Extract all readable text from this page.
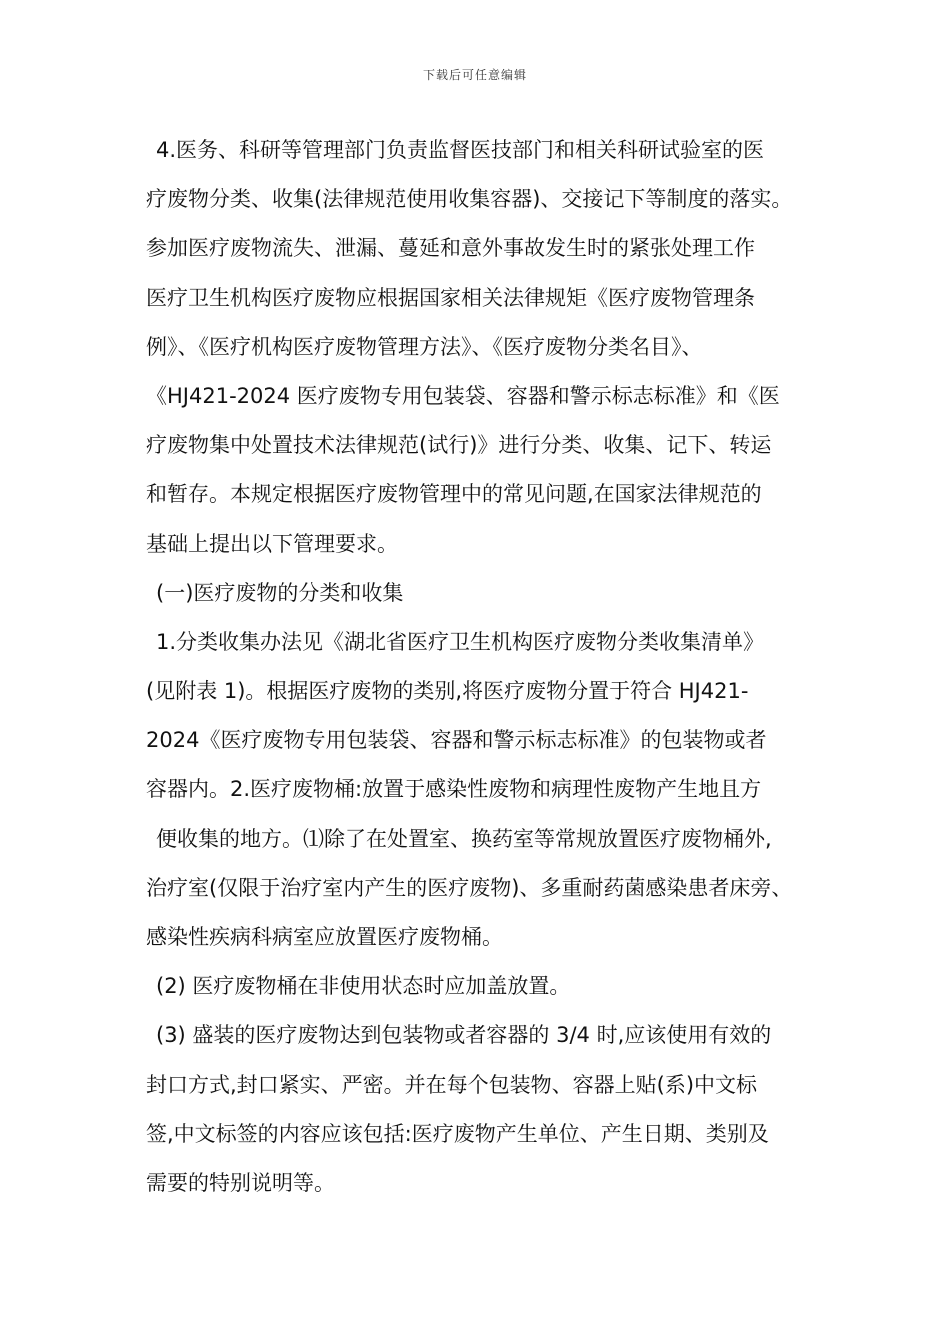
下载后可任意编辑
4.医务、科研等管理部门负责监督医技部门和相关科研试验室的医
疗废物分类、收集(法律规范使用收集容器)、交接记下等制度的落实。
参加医疗废物流失、泄漏、蔓延和意外事故发生时的紧张处理工作
医疗卫生机构医疗废物应根据国家相关法律规矩《医疗废物管理条
例》、《医疗机构医疗废物管理方法》、《医疗废物分类名目》、
《HJ421-2024 医疗废物专用包装袋、容器和警示标志标准》和《医
疗废物集中处置技术法律规范(试行)》进行分类、收集、记下、转运
和暂存。本规定根据医疗废物管理中的常见问题,在国家法律规范的
基础上提出以下管理要求。
(一)医疗废物的分类和收集
1.分类收集办法见《湖北省医疗卫生机构医疗废物分类收集清单》
(见附表 1)。根据医疗废物的类别,将医疗废物分置于符合 HJ421-
2024《医疗废物专用包装袋、容器和警示标志标准》的包装物或者
容器内。2.医疗废物桶:放置于感染性废物和病理性废物产生地且方
便收集的地方。⑴除了在处置室、换药室等常规放置医疗废物桶外,
治疗室(仅限于治疗室内产生的医疗废物)、多重耐药菌感染患者床旁、
感染性疾病科病室应放置医疗废物桶。
(2) 医疗废物桶在非使用状态时应加盖放置。
(3) 盛装的医疗废物达到包装物或者容器的 3/4 时,应该使用有效的
封口方式,封口紧实、严密。并在每个包装物、容器上贴(系)中文标
签,中文标签的内容应该包括:医疗废物产生单位、产生日期、类别及
需要的特别说明等。
